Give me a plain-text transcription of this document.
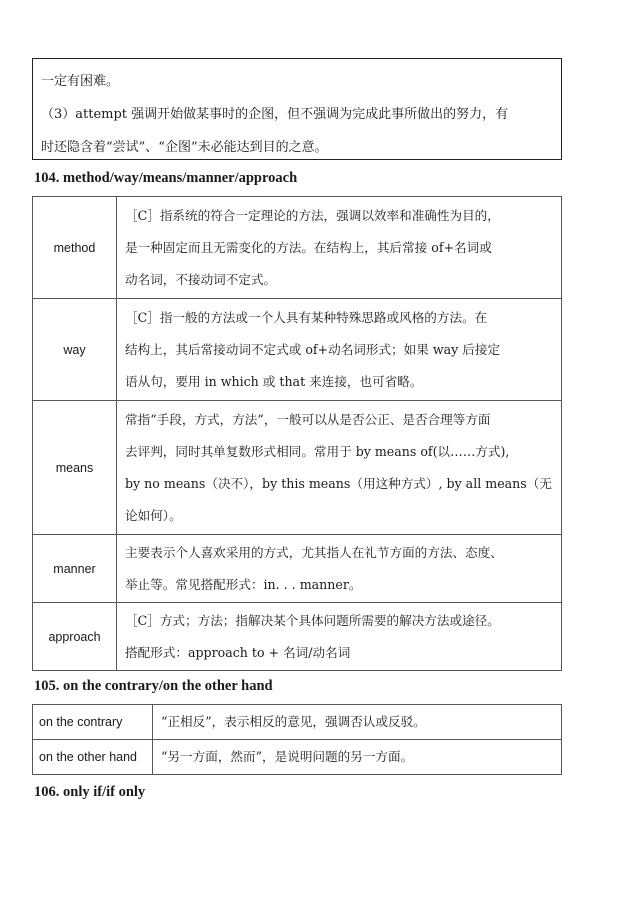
一定有困难。

（3）attempt 强调开始做某事时的企图，但不强调为完成此事所做出的努力，有

时还隐含着“尝试”、“企图”未必能达到目的之意。

104. method/way/means/manner/approach
method	［C］指系统的符合一定理论的方法，强调以效率和准确性为目的，
是一种固定而且无需变化的方法。在结构上，其后常接 of+名词或
动名词，不接动词不定式。

way	［C］指一般的方法或一个人具有某种特殊思路或风格的方法。在
结构上，其后常接动词不定式或 of+动名词形式；如果 way 后接定
语从句，要用 in which 或 that 来连接，也可省略。

means	常指“手段，方式，方法”，一般可以从是否公正、是否合理等方面
去评判，同时其单复数形式相同。常用于 by means of(以……方式),
by no means（决不），by this means（用这种方式）, by all means（无
论如何）。

manner	主要表示个人喜欢采用的方式，尤其指人在礼节方面的方法、态度、
举止等。常见搭配形式：in. . . manner。

approach	［C］方式；方法；指解决某个具体问题所需要的解决方法或途径。
搭配形式：approach to + 名词/动名词
105. on the contrary/on the other hand
on the contrary	“正相反”，表示相反的意见，强调否认或反驳。
on the other hand	“另一方面，然而”，是说明问题的另一方面。
106. only if/if only
